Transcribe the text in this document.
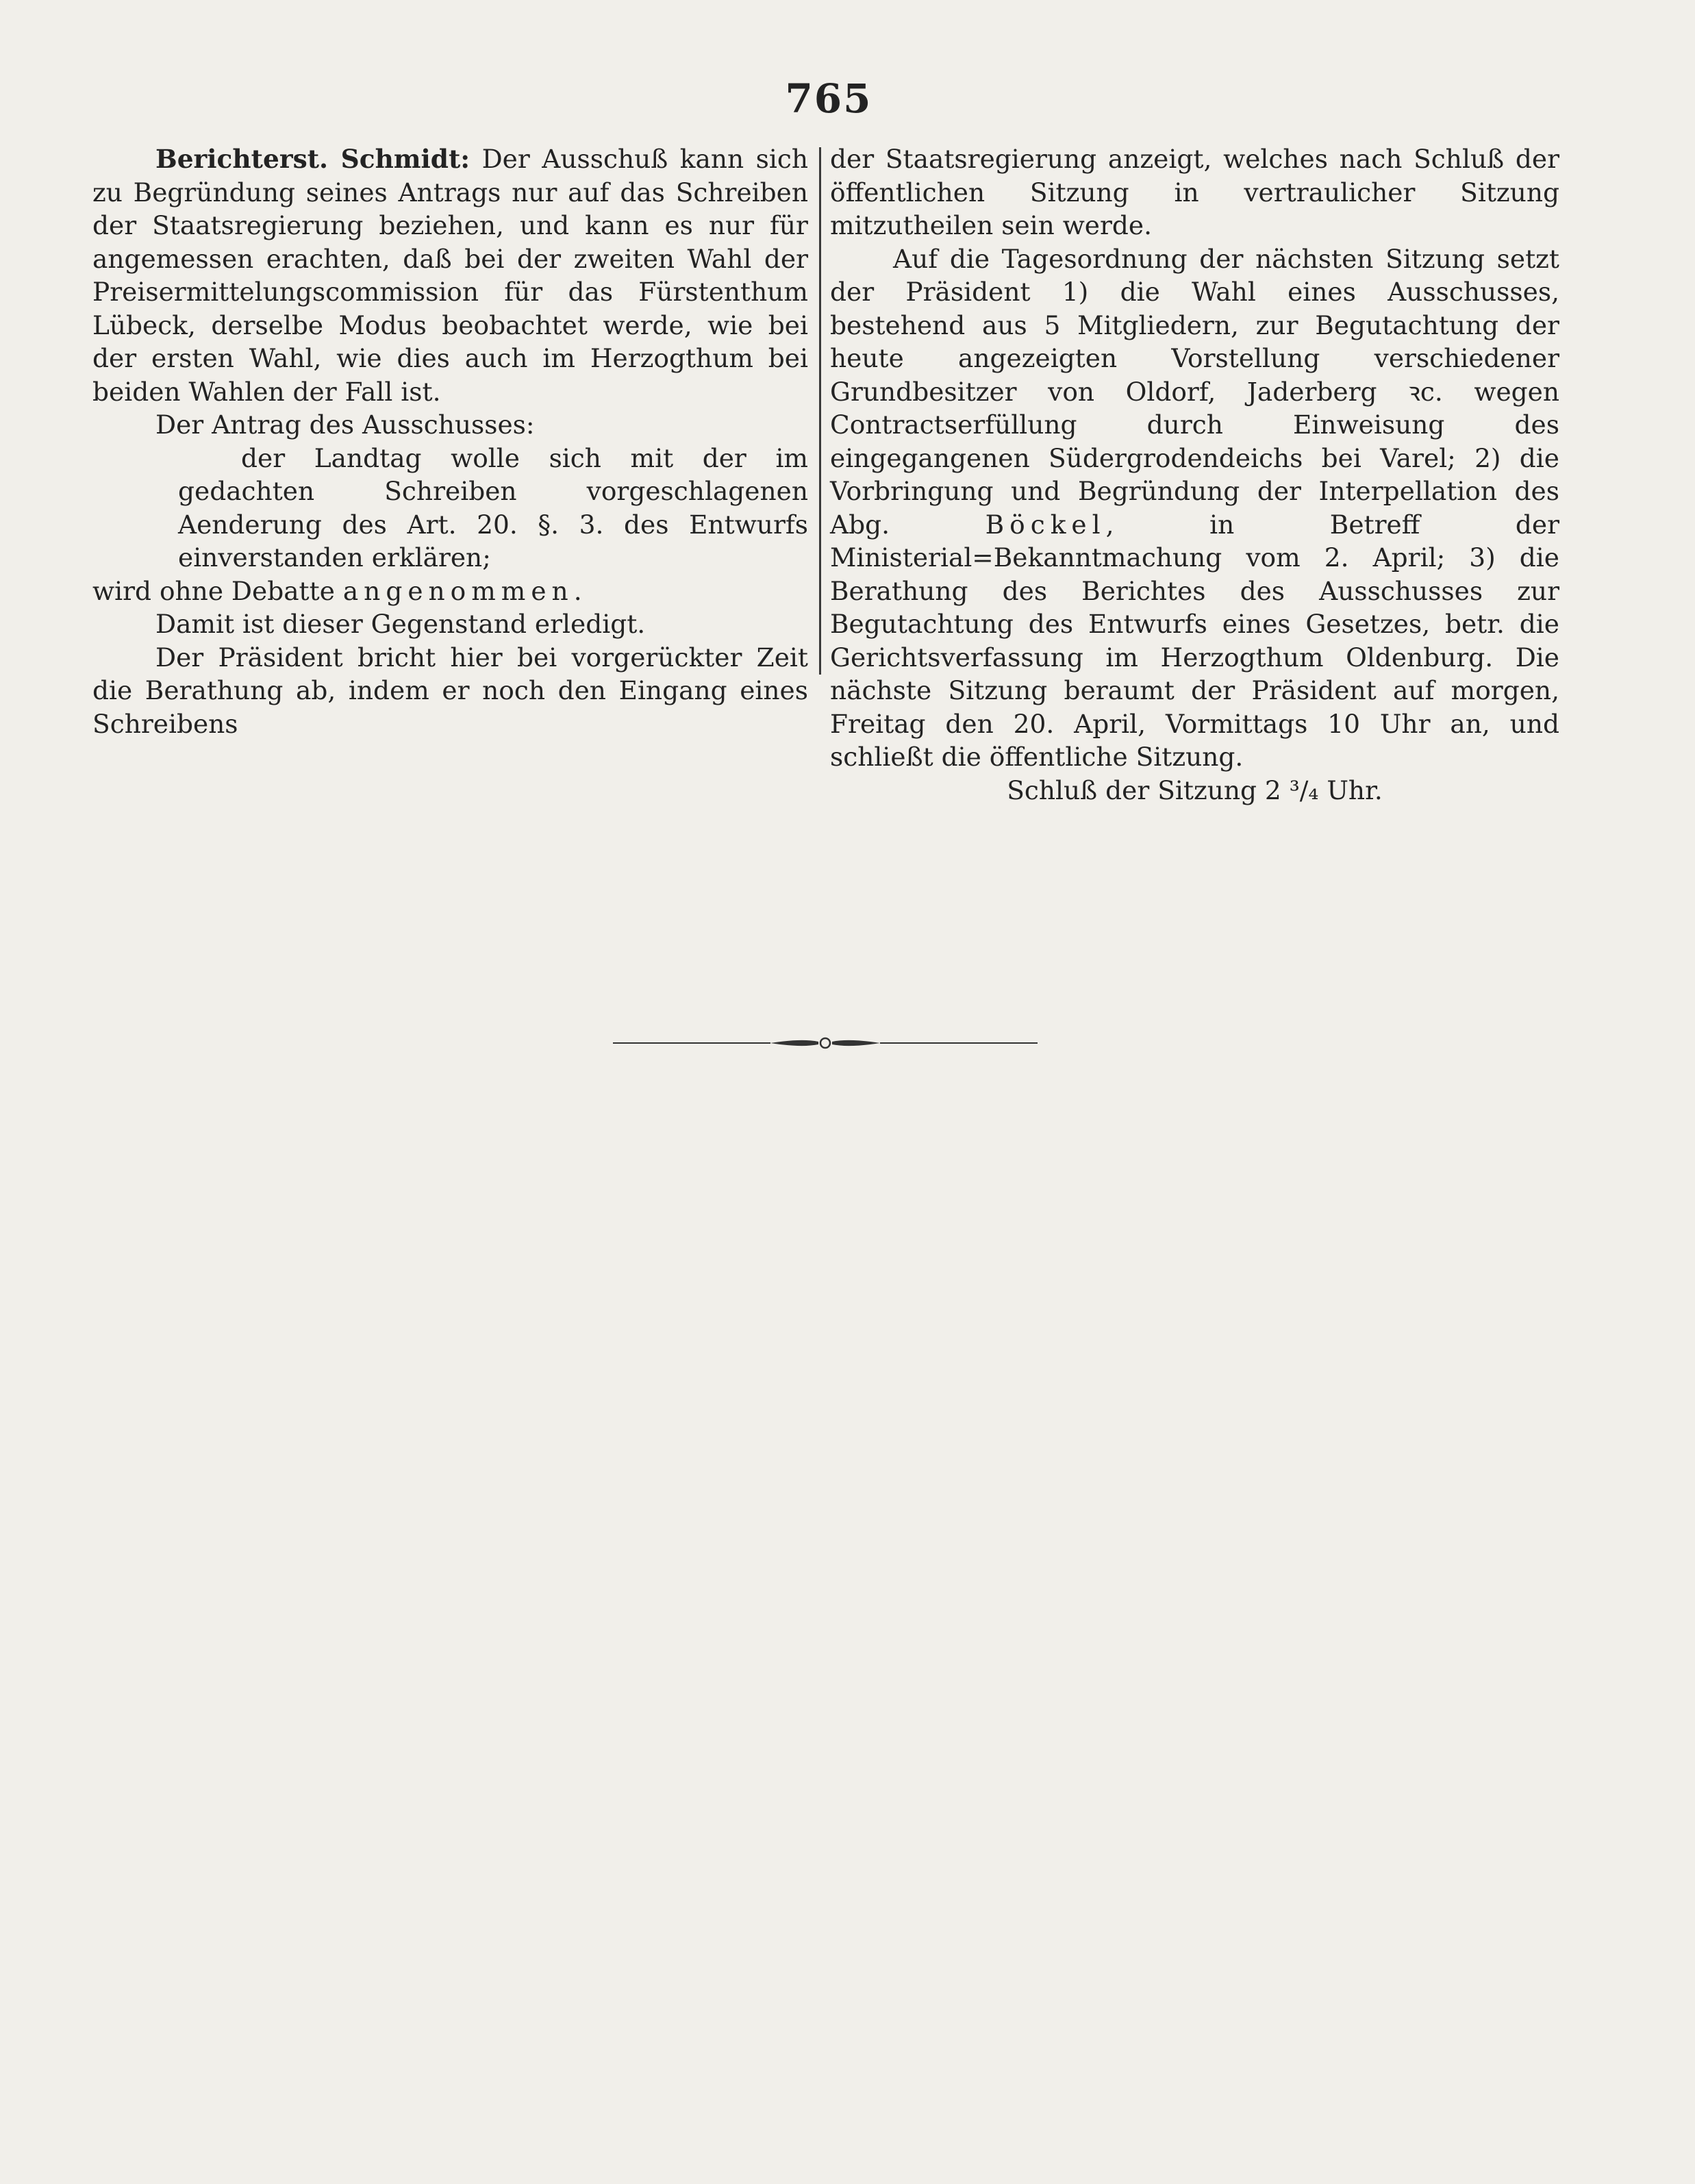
765

Berichterst. Schmidt: Der Ausschuß kann sich zu Begründung seines Antrags nur auf das Schreiben der Staatsregierung beziehen, und kann es nur für angemessen erachten, daß bei der zweiten Wahl der Preisermittelungscommission für das Fürstenthum Lübeck, derselbe Modus beobachtet werde, wie bei der ersten Wahl, wie dies auch im Herzogthum bei beiden Wahlen der Fall ist.

Der Antrag des Ausschusses:

der Landtag wolle sich mit der im gedachten Schreiben vorgeschlagenen Aenderung des Art. 20. §. 3. des Entwurfs einverstanden erklären;

wird ohne Debatte angenommen.

Damit ist dieser Gegenstand erledigt.

Der Präsident bricht hier bei vorgerückter Zeit die Berathung ab, indem er noch den Eingang eines Schreibens

der Staatsregierung anzeigt, welches nach Schluß der öffentlichen Sitzung in vertraulicher Sitzung mitzutheilen sein werde.

Auf die Tagesordnung der nächsten Sitzung setzt der Präsident 1) die Wahl eines Ausschusses, bestehend aus 5 Mitgliedern, zur Begutachtung der heute angezeigten Vorstellung verschiedener Grundbesitzer von Oldorf, Jaderberg ꝛc. wegen Contractserfüllung durch Einweisung des eingegangenen Südergrodendeichs bei Varel; 2) die Vorbringung und Begründung der Interpellation des Abg. Böckel, in Betreff der Ministerial=Bekanntmachung vom 2. April; 3) die Berathung des Berichtes des Ausschusses zur Begutachtung des Entwurfs eines Gesetzes, betr. die Gerichtsverfassung im Herzogthum Oldenburg. Die nächste Sitzung beraumt der Präsident auf morgen, Freitag den 20. April, Vormittags 10 Uhr an, und schließt die öffentliche Sitzung.

Schluß der Sitzung 2 ³/₄ Uhr.
